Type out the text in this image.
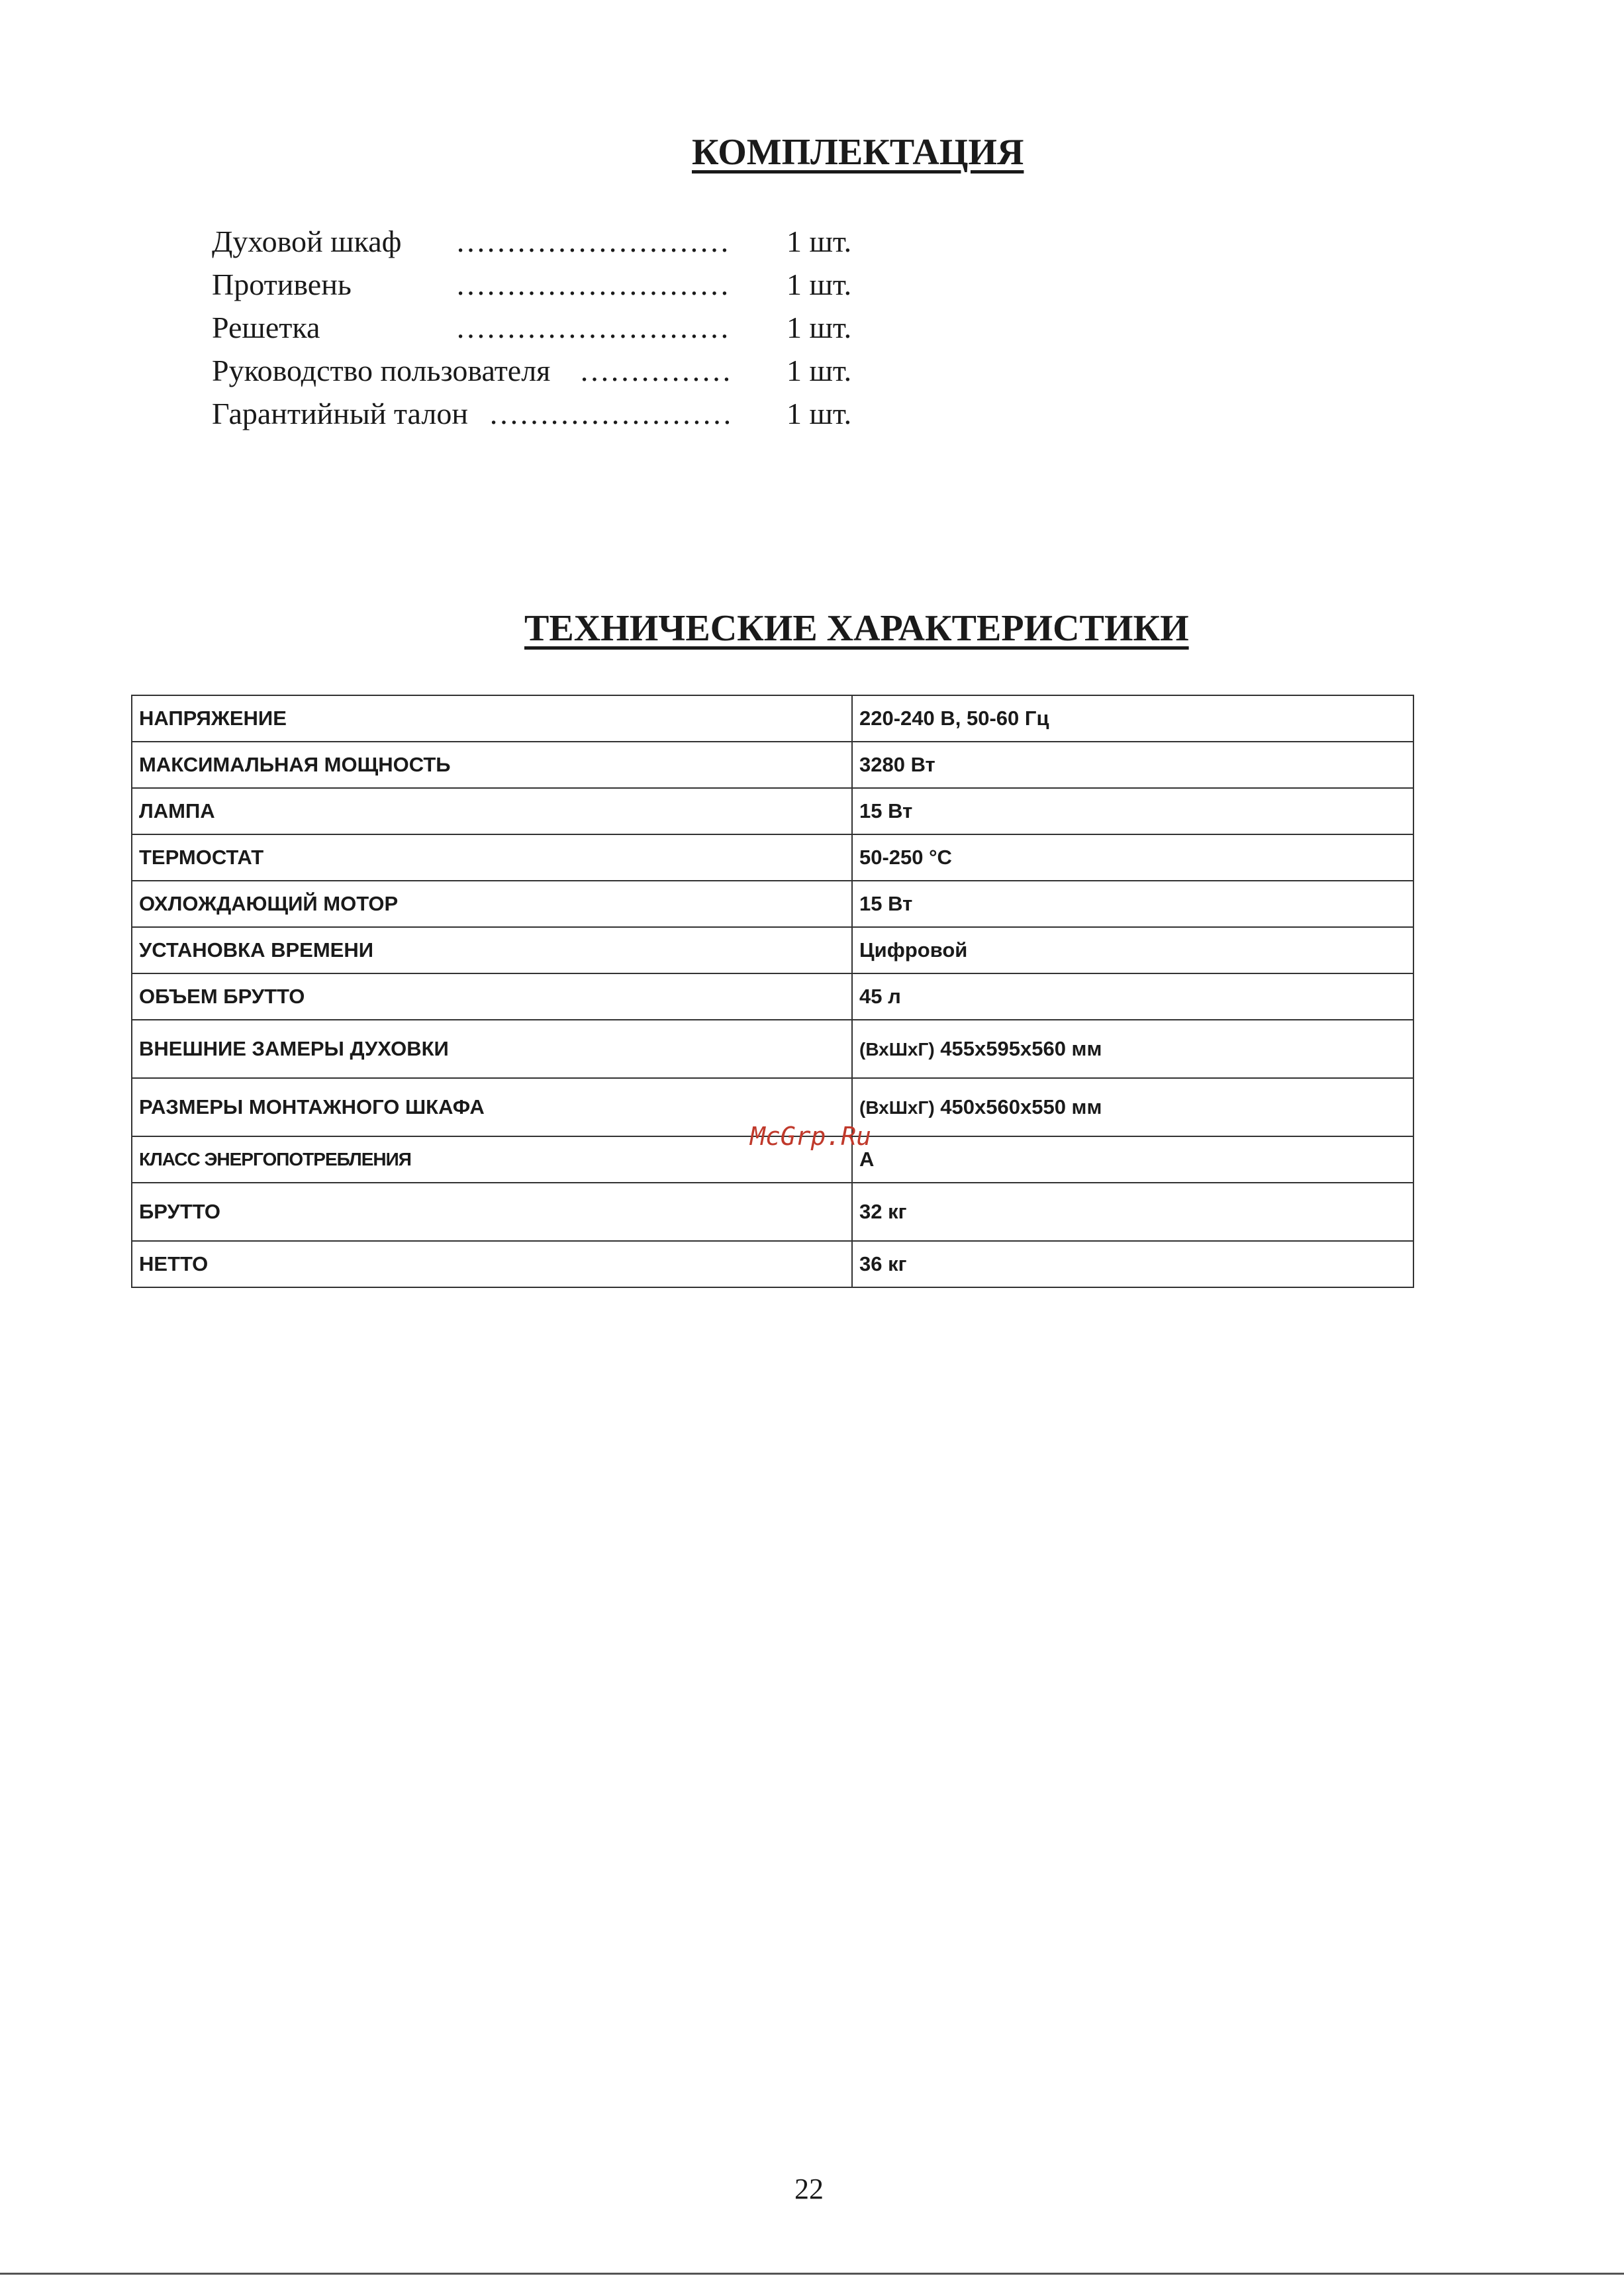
КОМПЛЕКТАЦИЯ
Духовой шкаф ……………………… 1 шт.
Противень	……………………… 1 шт.
Решетка	……………………… 1 шт.
Руководство пользователя …………… 1 шт.
Гарантийный талон …………………… 1 шт.
ТЕХНИЧЕСКИЕ ХАРАКТЕРИСТИКИ
НАПРЯЖЕНИЕ	220-240 В, 50-60 Гц
МАКСИМАЛЬНАЯ МОЩНОСТЬ	3280 Вт
ЛАМПА	15 Вт
ТЕРМОСТАТ	50-250 °С
ОХЛОЖДАЮЩИЙ МОТОР	15 Вт
УСТАНОВКА ВРЕМЕНИ	Цифровой
ОБЪЕМ БРУТТО	45 л
ВНЕШНИЕ ЗАМЕРЫ ДУХОВКИ	(ВхШхГ) 455x595x560 мм
РАЗМЕРЫ МОНТАЖНОГО ШКАФА	(ВхШхГ) 450x560x550 мм
КЛАСС ЭНЕРГОПОТРЕБЛЕНИЯ	А
БРУТТО	32 кг
НЕТТО	36 кг
McGrp.Ru
22
